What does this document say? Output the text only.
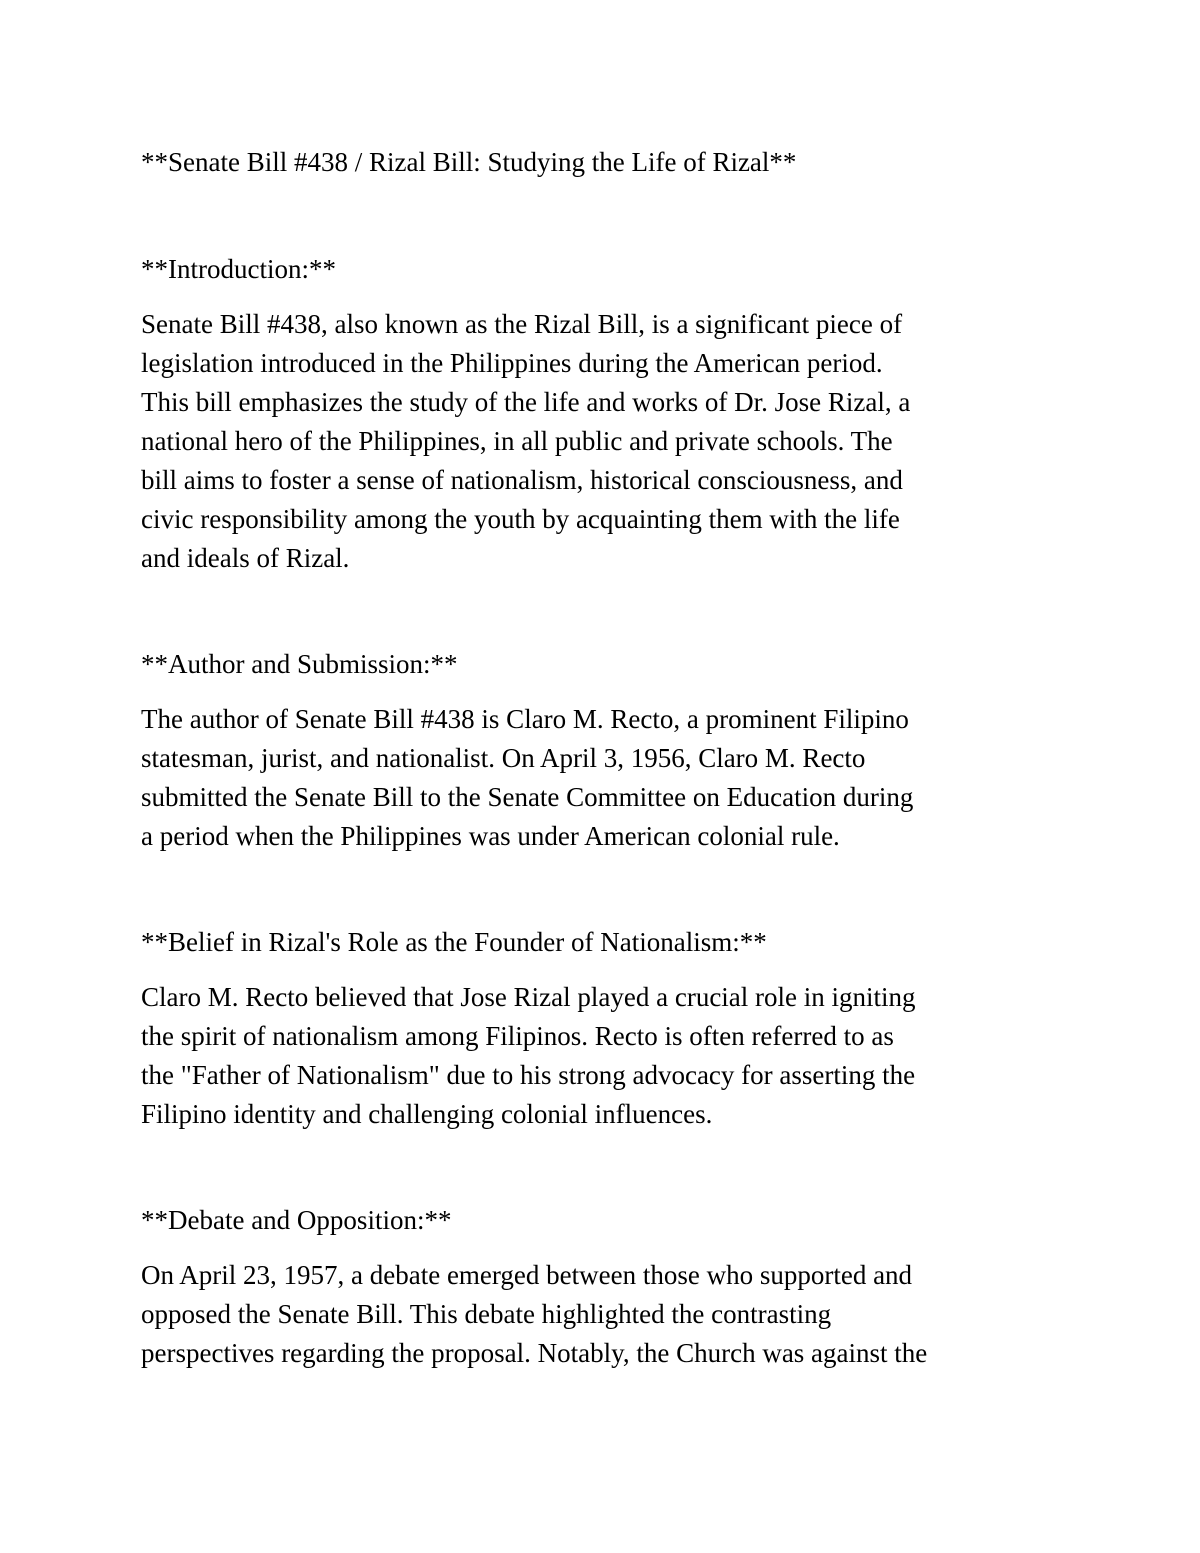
**Senate Bill #438 / Rizal Bill: Studying the Life of Rizal**

**Introduction:**

Senate Bill #438, also known as the Rizal Bill, is a significant piece of
legislation introduced in the Philippines during the American period.
This bill emphasizes the study of the life and works of Dr. Jose Rizal, a
national hero of the Philippines, in all public and private schools. The
bill aims to foster a sense of nationalism, historical consciousness, and
civic responsibility among the youth by acquainting them with the life
and ideals of Rizal.

**Author and Submission:**

The author of Senate Bill #438 is Claro M. Recto, a prominent Filipino
statesman, jurist, and nationalist. On April 3, 1956, Claro M. Recto
submitted the Senate Bill to the Senate Committee on Education during
a period when the Philippines was under American colonial rule.

**Belief in Rizal's Role as the Founder of Nationalism:**

Claro M. Recto believed that Jose Rizal played a crucial role in igniting
the spirit of nationalism among Filipinos. Recto is often referred to as
the "Father of Nationalism" due to his strong advocacy for asserting the
Filipino identity and challenging colonial influences.

**Debate and Opposition:**

On April 23, 1957, a debate emerged between those who supported and
opposed the Senate Bill. This debate highlighted the contrasting
perspectives regarding the proposal. Notably, the Church was against the
